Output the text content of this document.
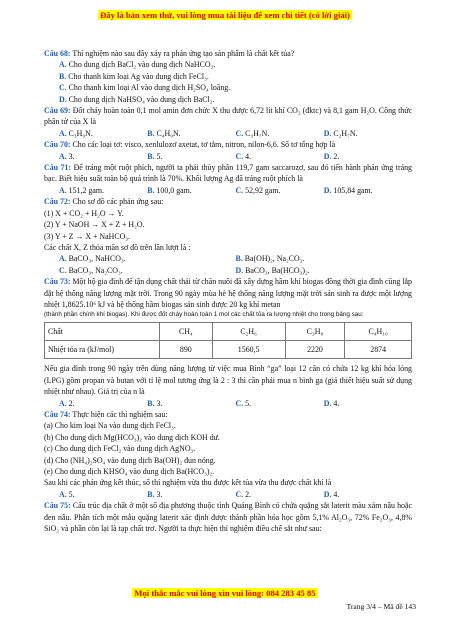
Đây là bản xem thử, vui lòng mua tài liệu để xem chi tiết (có lời giải)

Câu 68: Thí nghiệm nào sau đây xảy ra phản ứng tạo sản phẩm là chất kết tủa?

A. Cho dung dịch BaCl₂ vào dung dịch NaHCO₃.

B. Cho thanh kim loại Ag vào dung dịch FeCl₃.

C. Cho thanh kim loại Al vào dung dịch H₂SO₄ loãng.

D. Cho dung dịch NaHSO₄ vào dung dịch BaCl₂.

Câu 69: Đốt cháy hoàn toàn 0,1 mol amin đơn chức X thu được 6,72 lít khí CO₂ (đktc) và 8,1 gam H₂O. Công thức phân tử của X là

A. C₃H₉N.	B. C₄H₉N.	C. C₃H₇N.	D. C₂H₇N.

Câu 70: Cho các loại tơ: visco, xenlulozơ axetat, tơ tằm, nitron, nilon-6,6. Số tơ tổng hợp là

A. 3.	B. 5.	C. 4.	D. 2.

Câu 71: Để tráng một ruột phích, người ta phải thủy phân 119,7 gam saccarozơ, sau đó tiến hành phản ứng tráng bạc. Biết hiệu suất toàn bộ quá trình là 70%. Khối lượng Ag đã tráng ruột phích là

A. 151,2 gam.	B. 100,0 gam.	C. 52,92 gam.	D. 105,84 gam.

Câu 72: Cho sơ đồ các phản ứng sau:

(1) X + CO₂ + H₂O → Y.

(2) Y + NaOH → X + Z + H₂O.

(3) Y + Z → X + NaHCO₃.

Các chất X, Z thỏa mãn sơ đồ trên lần lượt là :

A. BaCO₃, NaHCO₃.	B. Ba(OH)₂, Na₂CO₃.
C. BaCO₃, Na₂CO₃.	D. BaCO₃, Ba(HCO₃)₂.

Câu 73: Một hộ gia đình để tận dụng chất thải từ chăn nuôi đã xây dựng hầm khí biogas đồng thời gia đình cũng lắp đặt hệ thống năng lượng mặt trời. Trong 90 ngày mùa hè hệ thống năng lượng mặt trời sản sinh ra được một lượng nhiệt 1,8625.10⁶ kJ và hệ thống hầm biogas sản sinh được 20 kg khí metan

(thành phần chính khí biogas). Khi được đốt cháy hoàn toàn 1 mol các chất tỏa ra lượng nhiệt cho trong bảng sau:

Chất	CH₄	C₂H₆	C₃H₈	C₄H₁₀
Nhiệt tỏa ra (kJ/mol)	890	1560,5	2220	2874

Nếu gia đình trong 90 ngày trên dùng năng lượng từ việc mua Bình “ga” loại 12 cân có chứa 12 kg khí hóa lỏng (LPG) gồm propan và butan với tỉ lệ mol tương ứng là 2 : 3 thì cần phải mua n bình ga (giả thiết hiệu suất sử dụng nhiệt như nhau). Giá trị của n là

A. 2.	B. 3.	C. 5.	D. 4.

Câu 74: Thực hiện các thí nghiệm sau:

(a) Cho kim loại Na vào dung dịch FeCl₃.

(b) Cho dung dịch Mg(HCO₃)₂ vào dung dịch KOH dư.

(c) Cho dung dịch FeCl₂ vào dung dịch AgNO₃.

(d) Cho (NH₄)₂SO₄ vào dung dịch Ba(OH)₂ đun nóng.

(e) Cho dung dịch KHSO₄ vào dung dịch Ba(HCO₃)₂.

Sau khi các phản ứng kết thúc, số thí nghiệm vừa thu được kết tủa vừa thu được chất khí là

A. 5.	B. 3.	C. 2.	D. 4.

Câu 75: Cấu trúc địa chất ở một số địa phương thuộc tỉnh Quảng Bình có chứa quặng sắt laterit màu xám nâu hoặc đen nâu. Phân tích một mẫu quặng laterit xác định được thành phần hóa học gồm 5,1% Al₂O₃, 72% Fe₂O₃, 4,8% SiO₂ và phần còn lại là tạp chất trơ. Người ta thực hiện thí nghiệm điều chế sắt như sau:

Mọi thắc mắc vui lòng xin vui lòng: 084 283 45 85
Trang 3/4 – Mã đề 143
